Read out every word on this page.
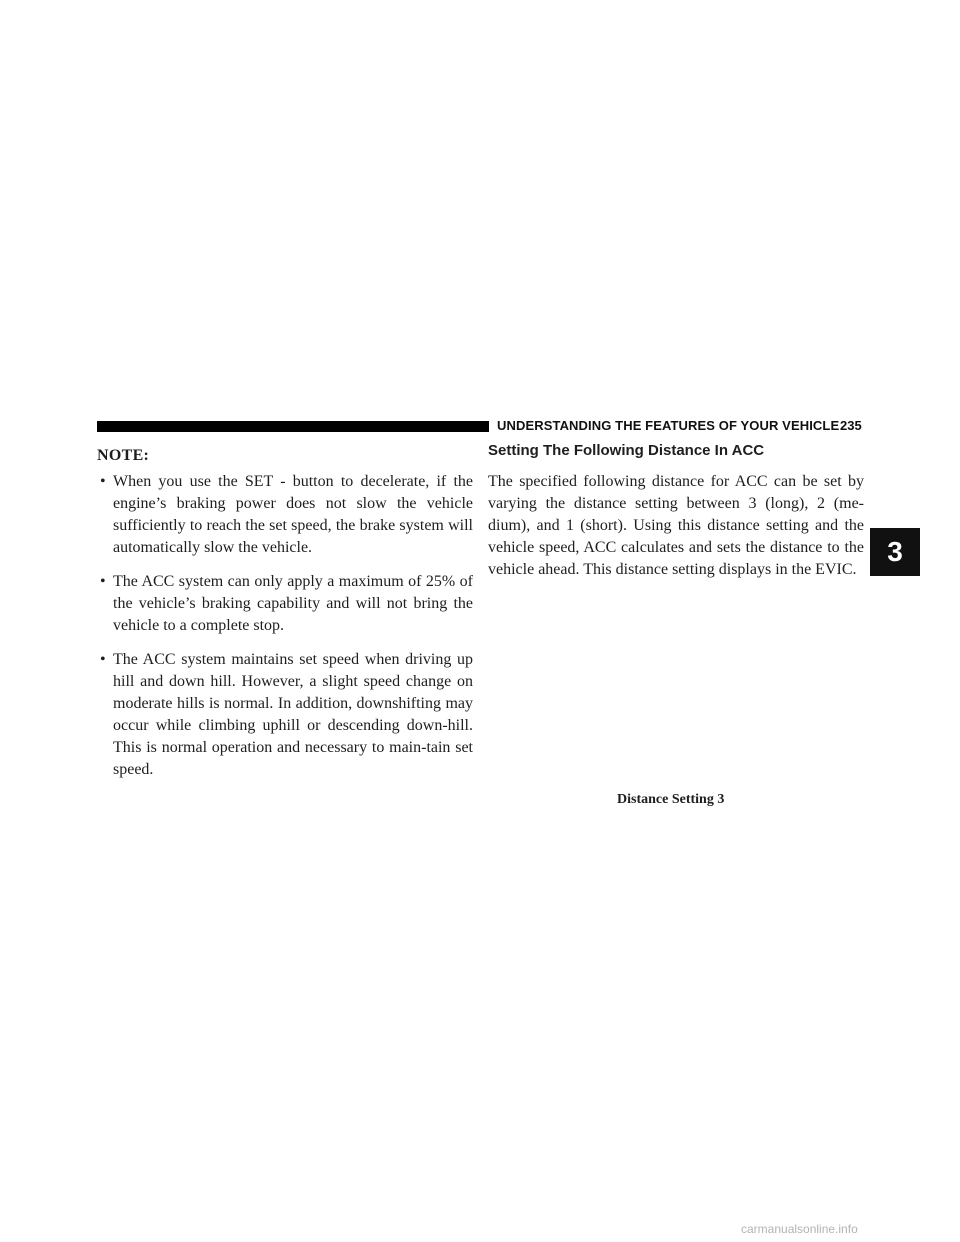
UNDERSTANDING THE FEATURES OF YOUR VEHICLE 235
NOTE:
• When you use the SET - button to decelerate, if the engine’s braking power does not slow the vehicle sufficiently to reach the set speed, the brake system will automatically slow the vehicle.
• The ACC system can only apply a maximum of 25% of the vehicle’s braking capability and will not bring the vehicle to a complete stop.
• The ACC system maintains set speed when driving up hill and down hill. However, a slight speed change on moderate hills is normal. In addition, downshifting may occur while climbing uphill or descending down-hill. This is normal operation and necessary to main-tain set speed.
Setting The Following Distance In ACC

The specified following distance for ACC can be set by varying the distance setting between 3 (long), 2 (me-dium), and 1 (short). Using this distance setting and the vehicle speed, ACC calculates and sets the distance to the vehicle ahead. This distance setting displays in the EVIC.

3
Distance Setting 3
carmanualsonline.info
